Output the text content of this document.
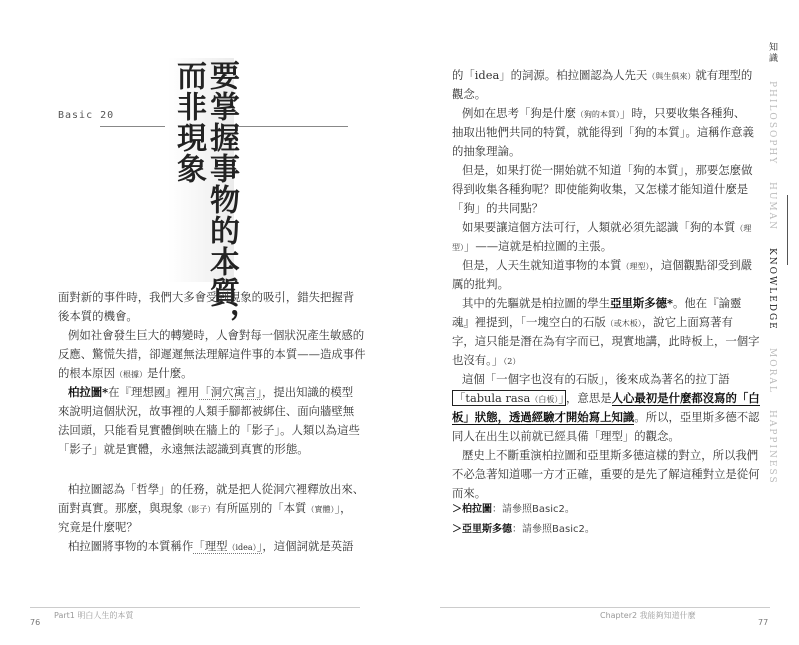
Basic 20	要掌握事物的本質，
而非現象
面對新的事件時，我們大多會受到現象的吸引，錯失把握背
後本質的機會。
例如社會發生巨大的轉變時，人會對每一個狀況產生敏感的
反應、驚慌失措，卻遲遲無法理解這件事的本質——造成事件
的根本原因（根據）是什麼。
柏拉圖*在『理想國』裡用「洞穴寓言」，提出知識的模型
來說明這個狀況，故事裡的人類手腳都被綁住、面向牆壁無
法回頭，只能看見實體倒映在牆上的「影子」。人類以為這些
「影子」就是實體，永遠無法認識到真實的形態。
柏拉圖認為「哲學」的任務，就是把人從洞穴裡釋放出來、
面對真實。那麼，與現象（影子）有所區別的「本質（實體）」，
究竟是什麼呢？
柏拉圖將事物的本質稱作「理型（idea）」，這個詞就是英語
Part1 明白人生的本質
76
的「idea」的詞源。柏拉圖認為人先天（與生俱來）就有理型的
觀念。
例如在思考「狗是什麼（狗的本質）」時，只要收集各種狗、
抽取出牠們共同的特質，就能得到「狗的本質」。這稱作意義
的抽象理論。
但是，如果打從一開始就不知道「狗的本質」，那要怎麼做
得到收集各種狗呢？即使能夠收集，又怎樣才能知道什麼是
「狗」的共同點？
如果要讓這個方法可行，人類就必須先認識「狗的本質（理
型）」——這就是柏拉圖的主張。
但是，人天生就知道事物的本質（理型），這個觀點卻受到嚴
厲的批判。
其中的先驅就是柏拉圖的學生亞里斯多德*。他在『論靈
魂』裡提到，「一塊空白的石版（或木板），說它上面寫著有
字，這只能是潛在為有字而已，現實地講，此時板上，一個字
也沒有。」（2）
這個「一個字也沒有的石版」，後來成為著名的拉丁語
「tabula rasa（白板）」 ，意思是人心最初是什麼都沒寫的「白
板」狀態，透過經驗才開始寫上知識。所以，亞里斯多德不認
同人在出生以前就已經具備「理型」的觀念。
歷史上不斷重演柏拉圖和亞里斯多德這樣的對立，所以我們
不必急著知道哪一方才正確，重要的是先了解這種對立是從何
而來。
＞柏拉圖：請參照Basic2。
＞亞里斯多德：請參照Basic2。
知識 PHILOSOPHY HUMAN KNOWLEDGE MORAL HAPPINESS
Chapter2 我能夠知道什麼
77
